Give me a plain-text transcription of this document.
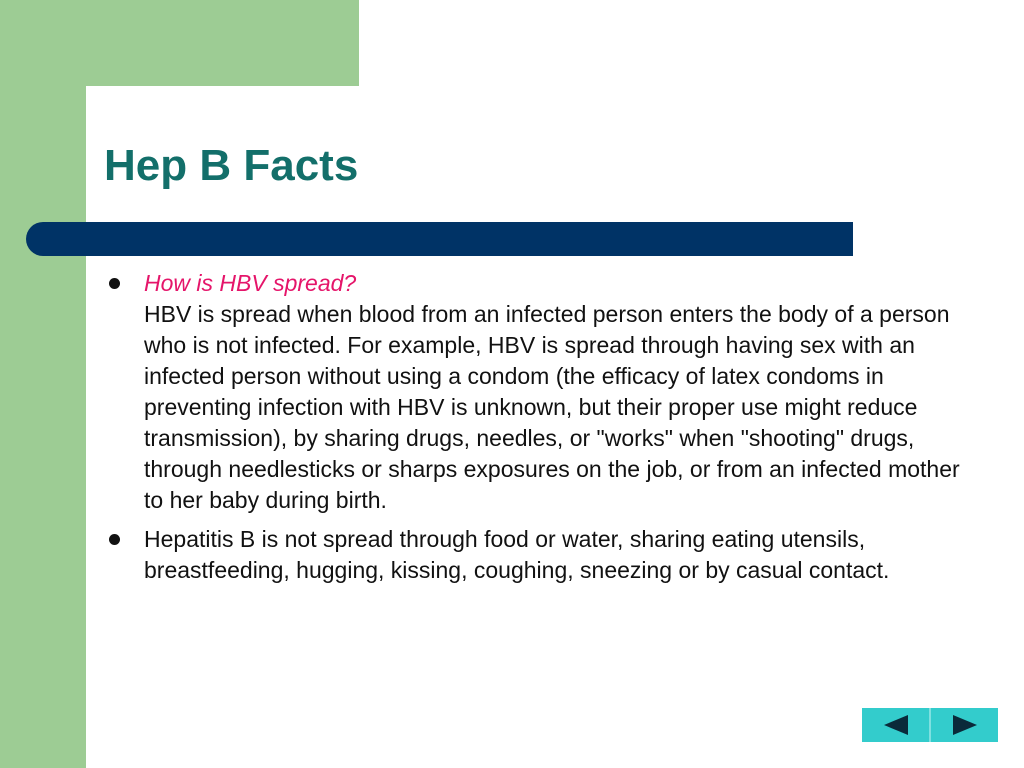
Hep B Facts
How is HBV spread?
HBV is spread when blood from an infected person enters the body of a person who is not infected. For example, HBV is spread through having sex with an infected person without using a condom (the efficacy of latex condoms in preventing infection with HBV is unknown, but their proper use might reduce transmission), by sharing drugs, needles, or "works" when "shooting" drugs, through needlesticks or sharps exposures on the job, or from an infected mother to her baby during birth.
Hepatitis B is not spread through food or water, sharing eating utensils, breastfeeding, hugging, kissing, coughing, sneezing or by casual contact.
